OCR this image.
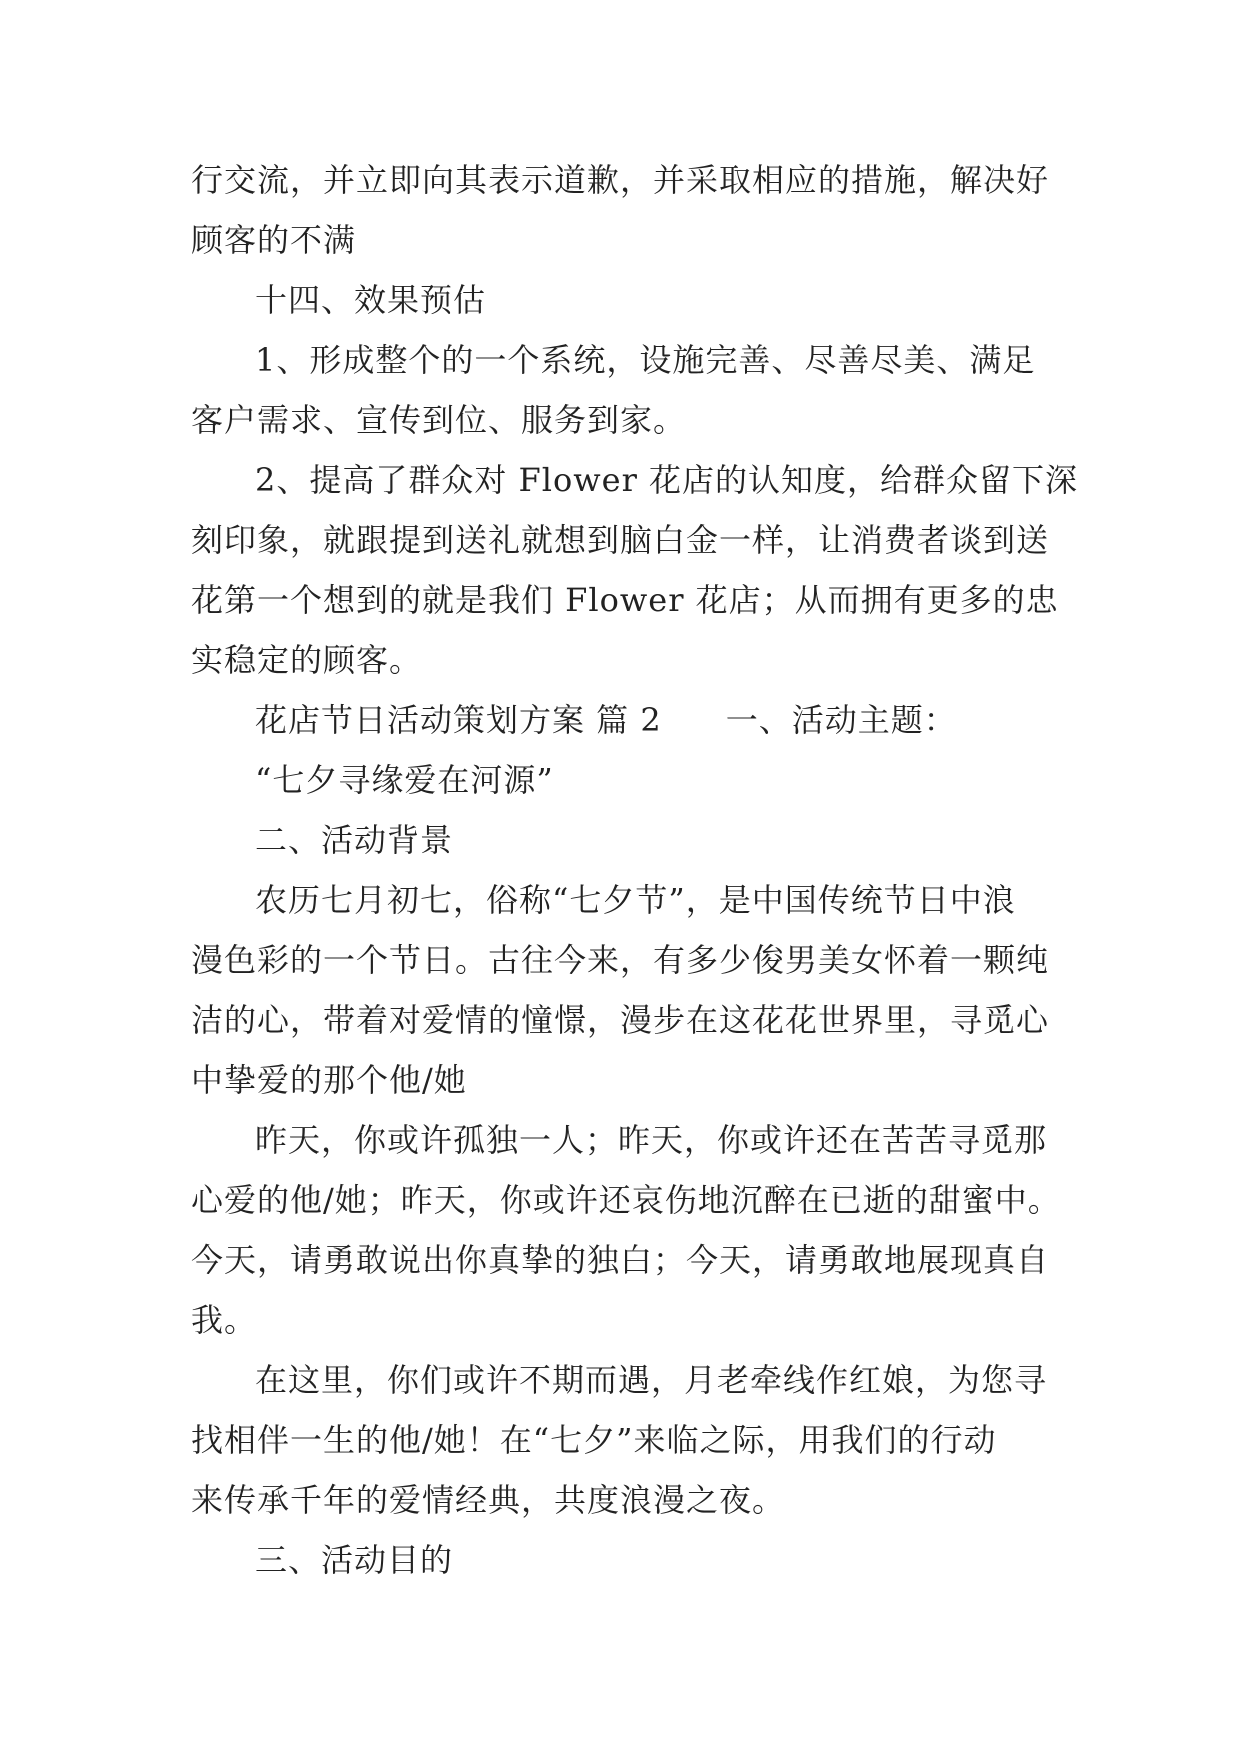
行交流，并立即向其表示道歉，并采取相应的措施，解决好
顾客的不满
十四、效果预估
1、形成整个的一个系统，设施完善、尽善尽美、满足
客户需求、宣传到位、服务到家。
2、提高了群众对 Flower 花店的认知度，给群众留下深
刻印象，就跟提到送礼就想到脑白金一样，让消费者谈到送
花第一个想到的就是我们 Flower 花店；从而拥有更多的忠
实稳定的顾客。
花店节日活动策划方案 篇 2 一、活动主题：
“七夕寻缘爱在河源”
二、活动背景
农历七月初七，俗称“七夕节”，是中国传统节日中浪
漫色彩的一个节日。古往今来，有多少俊男美女怀着一颗纯
洁的心，带着对爱情的憧憬，漫步在这花花世界里，寻觅心
中挚爱的那个他/她
昨天，你或许孤独一人；昨天，你或许还在苦苦寻觅那
心爱的他/她；昨天，你或许还哀伤地沉醉在已逝的甜蜜中。
今天，请勇敢说出你真挚的独白；今天，请勇敢地展现真自
我。
在这里，你们或许不期而遇，月老牵线作红娘，为您寻
找相伴一生的他/她！在“七夕”来临之际，用我们的行动
来传承千年的爱情经典，共度浪漫之夜。
三、活动目的
